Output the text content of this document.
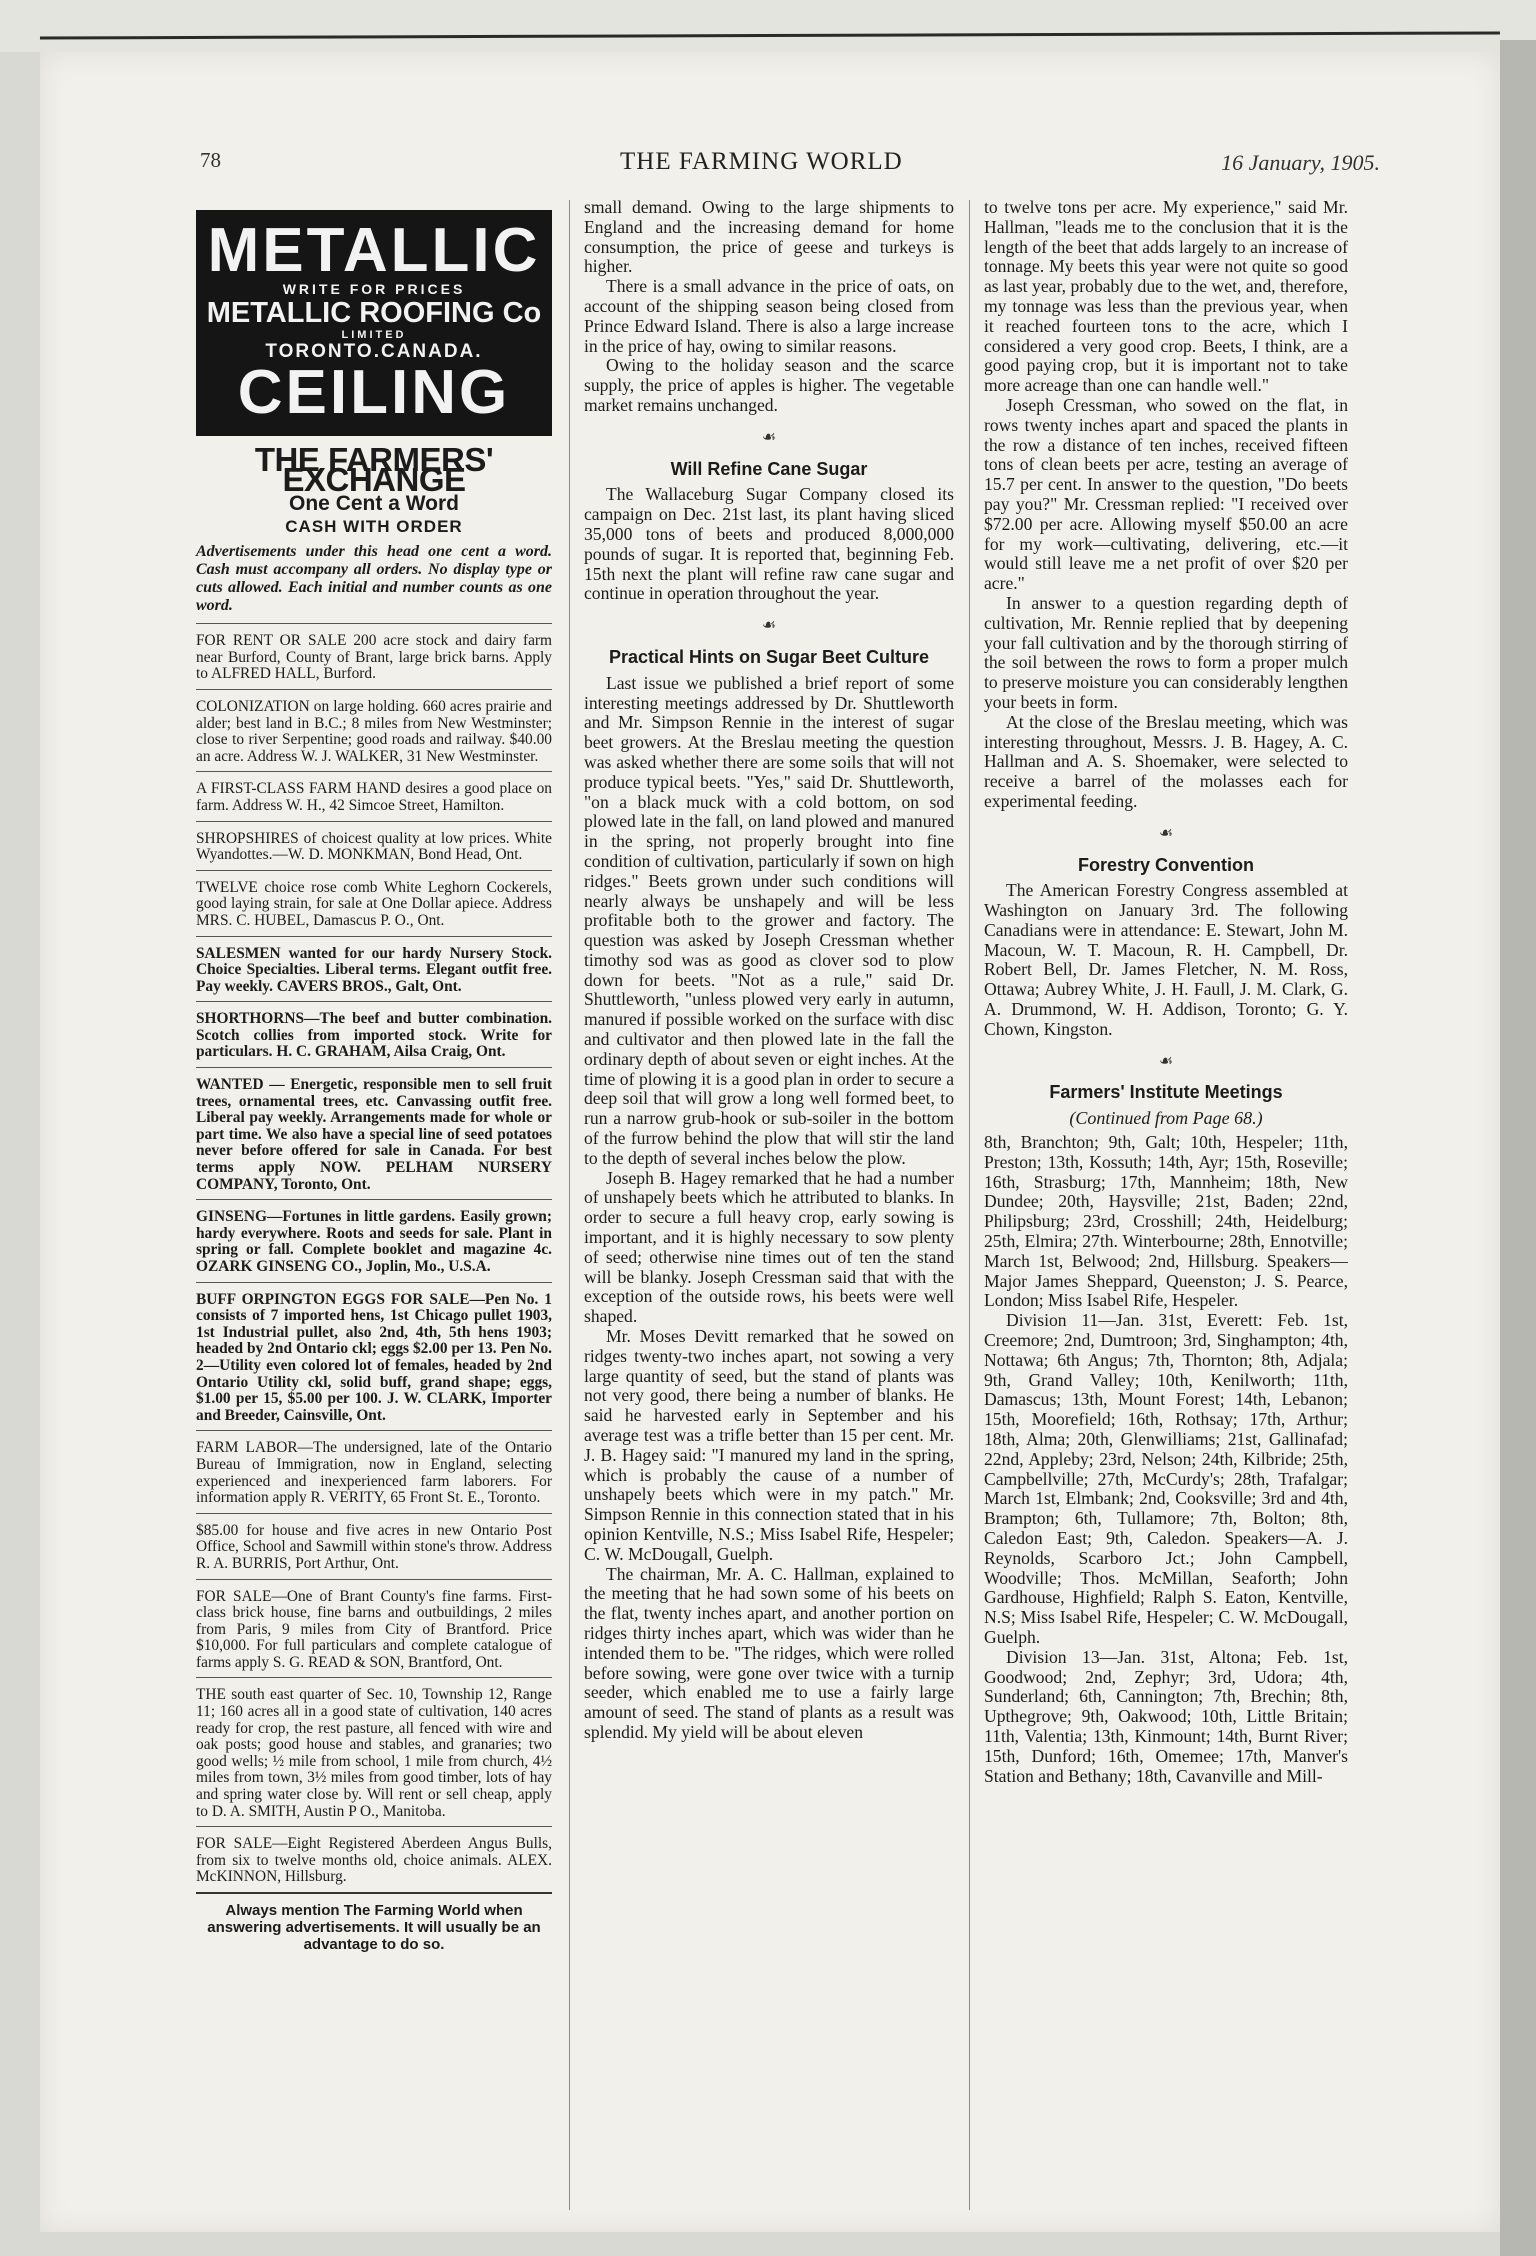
78	THE FARMING WORLD	16 January, 1905.
METALLIC
WRITE FOR PRICES
METALLIC ROOFING Co
LIMITED
TORONTO.CANADA.
CEILING
THE FARMERS' EXCHANGE
One Cent a Word
CASH WITH ORDER
Advertisements under this head one cent a word. Cash must accompany all orders. No display type or cuts allowed. Each initial and number counts as one word.
FOR RENT OR SALE 200 acre stock and dairy farm near Burford, County of Brant, large brick barns. Apply to ALFRED HALL, Burford.
COLONIZATION on large holding. 660 acres prairie and alder; best land in B.C.; 8 miles from New Westminster; close to river Serpentine; good roads and railway. $40.00 an acre. Address W. J. WALKER, 31 New Westminster.
A FIRST-CLASS FARM HAND desires a good place on farm. Address W. H., 42 Simcoe Street, Hamilton.
SHROPSHIRES of choicest quality at low prices. White Wyandottes.—W. D. MONKMAN, Bond Head, Ont.
TWELVE choice rose comb White Leghorn Cockerels, good laying strain, for sale at One Dollar apiece. Address MRS. C. HUBEL, Damascus P. O., Ont.
SALESMEN wanted for our hardy Nursery Stock. Choice Specialties. Liberal terms. Elegant outfit free. Pay weekly. CAVERS BROS., Galt, Ont.
SHORTHORNS—The beef and butter combination. Scotch collies from imported stock. Write for particulars. H. C. GRAHAM, Ailsa Craig, Ont.
WANTED — Energetic, responsible men to sell fruit trees, ornamental trees, etc. Canvassing outfit free. Liberal pay weekly. Arrangements made for whole or part time. We also have a special line of seed potatoes never before offered for sale in Canada. For best terms apply NOW. PELHAM NURSERY COMPANY, Toronto, Ont.
GINSENG—Fortunes in little gardens. Easily grown; hardy everywhere. Roots and seeds for sale. Plant in spring or fall. Complete booklet and magazine 4c. OZARK GINSENG CO., Joplin, Mo., U.S.A.
BUFF ORPINGTON EGGS FOR SALE—Pen No. 1 consists of 7 imported hens, 1st Chicago pullet 1903, 1st Industrial pullet, also 2nd, 4th, 5th hens 1903; headed by 2nd Ontario ckl; eggs $2.00 per 13. Pen No. 2—Utility even colored lot of females, headed by 2nd Ontario Utility ckl, solid buff, grand shape; eggs, $1.00 per 15, $5.00 per 100. J. W. CLARK, Importer and Breeder, Cainsville, Ont.
FARM LABOR—The undersigned, late of the Ontario Bureau of Immigration, now in England, selecting experienced and inexperienced farm laborers. For information apply R. VERITY, 65 Front St. E., Toronto.
$85.00 for house and five acres in new Ontario Post Office, School and Sawmill within stone's throw. Address R. A. BURRIS, Port Arthur, Ont.
FOR SALE—One of Brant County's fine farms. First-class brick house, fine barns and outbuildings, 2 miles from Paris, 9 miles from City of Brantford. Price $10,000. For full particulars and complete catalogue of farms apply S. G. READ & SON, Brantford, Ont.
THE south east quarter of Sec. 10, Township 12, Range 11; 160 acres all in a good state of cultivation, 140 acres ready for crop, the rest pasture, all fenced with wire and oak posts; good house and stables, and granaries; two good wells; ½ mile from school, 1 mile from church, 4½ miles from town, 3½ miles from good timber, lots of hay and spring water close by. Will rent or sell cheap, apply to D. A. SMITH, Austin P O., Manitoba.
FOR SALE—Eight Registered Aberdeen Angus Bulls, from six to twelve months old, choice animals. ALEX. McKINNON, Hillsburg.
Always mention The Farming World when answering advertisements. It will usually be an advantage to do so.

small demand. Owing to the large shipments to England and the increasing demand for home consumption, the price of geese and turkeys is higher.

There is a small advance in the price of oats, on account of the shipping season being closed from Prince Edward Island. There is also a large increase in the price of hay, owing to similar reasons.

Owing to the holiday season and the scarce supply, the price of apples is higher. The vegetable market remains unchanged.

☙
Will Refine Cane Sugar

The Wallaceburg Sugar Company closed its campaign on Dec. 21st last, its plant having sliced 35,000 tons of beets and produced 8,000,000 pounds of sugar. It is reported that, beginning Feb. 15th next the plant will refine raw cane sugar and continue in operation throughout the year.

☙
Practical Hints on Sugar Beet Culture

Last issue we published a brief report of some interesting meetings addressed by Dr. Shuttleworth and Mr. Simpson Rennie in the interest of sugar beet growers. At the Breslau meeting the question was asked whether there are some soils that will not produce typical beets. "Yes," said Dr. Shuttleworth, "on a black muck with a cold bottom, on sod plowed late in the fall, on land plowed and manured in the spring, not properly brought into fine condition of cultivation, particularly if sown on high ridges." Beets grown under such conditions will nearly always be unshapely and will be less profitable both to the grower and factory. The question was asked by Joseph Cressman whether timothy sod was as good as clover sod to plow down for beets. "Not as a rule," said Dr. Shuttleworth, "unless plowed very early in autumn, manured if possible worked on the surface with disc and cultivator and then plowed late in the fall the ordinary depth of about seven or eight inches. At the time of plowing it is a good plan in order to secure a deep soil that will grow a long well formed beet, to run a narrow grub-hook or sub-soiler in the bottom of the furrow behind the plow that will stir the land to the depth of several inches below the plow.

Joseph B. Hagey remarked that he had a number of unshapely beets which he attributed to blanks. In order to secure a full heavy crop, early sowing is important, and it is highly necessary to sow plenty of seed; otherwise nine times out of ten the stand will be blanky. Joseph Cressman said that with the exception of the outside rows, his beets were well shaped.

Mr. Moses Devitt remarked that he sowed on ridges twenty-two inches apart, not sowing a very large quantity of seed, but the stand of plants was not very good, there being a number of blanks. He said he harvested early in September and his average test was a trifle better than 15 per cent. Mr. J. B. Hagey said: "I manured my land in the spring, which is probably the cause of a number of unshapely beets which were in my patch." Mr. Simpson Rennie in this connection stated that in his opinion Kentville, N.S.; Miss Isabel Rife, Hespeler; C. W. McDougall, Guelph.

The chairman, Mr. A. C. Hallman, explained to the meeting that he had sown some of his beets on the flat, twenty inches apart, and another portion on ridges thirty inches apart, which was wider than he intended them to be. "The ridges, which were rolled before sowing, were gone over twice with a turnip seeder, which enabled me to use a fairly large amount of seed. The stand of plants as a result was splendid. My yield will be about eleven

to twelve tons per acre. My experience," said Mr. Hallman, "leads me to the conclusion that it is the length of the beet that adds largely to an increase of tonnage. My beets this year were not quite so good as last year, probably due to the wet, and, therefore, my tonnage was less than the previous year, when it reached fourteen tons to the acre, which I considered a very good crop. Beets, I think, are a good paying crop, but it is important not to take more acreage than one can handle well."

Joseph Cressman, who sowed on the flat, in rows twenty inches apart and spaced the plants in the row a distance of ten inches, received fifteen tons of clean beets per acre, testing an average of 15.7 per cent. In answer to the question, "Do beets pay you?" Mr. Cressman replied: "I received over $72.00 per acre. Allowing myself $50.00 an acre for my work—cultivating, delivering, etc.—it would still leave me a net profit of over $20 per acre."

In answer to a question regarding depth of cultivation, Mr. Rennie replied that by deepening your fall cultivation and by the thorough stirring of the soil between the rows to form a proper mulch to preserve moisture you can considerably lengthen your beets in form.

At the close of the Breslau meeting, which was interesting throughout, Messrs. J. B. Hagey, A. C. Hallman and A. S. Shoemaker, were selected to receive a barrel of the molasses each for experimental feeding.

☙
Forestry Convention

The American Forestry Congress assembled at Washington on January 3rd. The following Canadians were in attendance: E. Stewart, John M. Macoun, W. T. Macoun, R. H. Campbell, Dr. Robert Bell, Dr. James Fletcher, N. M. Ross, Ottawa; Aubrey White, J. H. Faull, J. M. Clark, G. A. Drummond, W. H. Addison, Toronto; G. Y. Chown, Kingston.

☙
Farmers' Institute Meetings
(Continued from Page 68.)

8th, Branchton; 9th, Galt; 10th, Hespeler; 11th, Preston; 13th, Kossuth; 14th, Ayr; 15th, Roseville; 16th, Strasburg; 17th, Mannheim; 18th, New Dundee; 20th, Haysville; 21st, Baden; 22nd, Philipsburg; 23rd, Crosshill; 24th, Heidelburg; 25th, Elmira; 27th. Winterbourne; 28th, Ennotville; March 1st, Belwood; 2nd, Hillsburg. Speakers—Major James Sheppard, Queenston; J. S. Pearce, London; Miss Isabel Rife, Hespeler.

Division 11—Jan. 31st, Everett: Feb. 1st, Creemore; 2nd, Dumtroon; 3rd, Singhampton; 4th, Nottawa; 6th Angus; 7th, Thornton; 8th, Adjala; 9th, Grand Valley; 10th, Kenilworth; 11th, Damascus; 13th, Mount Forest; 14th, Lebanon; 15th, Moorefield; 16th, Rothsay; 17th, Arthur; 18th, Alma; 20th, Glenwilliams; 21st, Gallinafad; 22nd, Appleby; 23rd, Nelson; 24th, Kilbride; 25th, Campbellville; 27th, McCurdy's; 28th, Trafalgar; March 1st, Elmbank; 2nd, Cooksville; 3rd and 4th, Brampton; 6th, Tullamore; 7th, Bolton; 8th, Caledon East; 9th, Caledon. Speakers—A. J. Reynolds, Scarboro Jct.; John Campbell, Woodville; Thos. McMillan, Seaforth; John Gardhouse, Highfield; Ralph S. Eaton, Kentville, N.S; Miss Isabel Rife, Hespeler; C. W. McDougall, Guelph.

Division 13—Jan. 31st, Altona; Feb. 1st, Goodwood; 2nd, Zephyr; 3rd, Udora; 4th, Sunderland; 6th, Cannington; 7th, Brechin; 8th, Upthegrove; 9th, Oakwood; 10th, Little Britain; 11th, Valentia; 13th, Kinmount; 14th, Burnt River; 15th, Dunford; 16th, Omemee; 17th, Manver's Station and Bethany; 18th, Cavanville and Mill-
